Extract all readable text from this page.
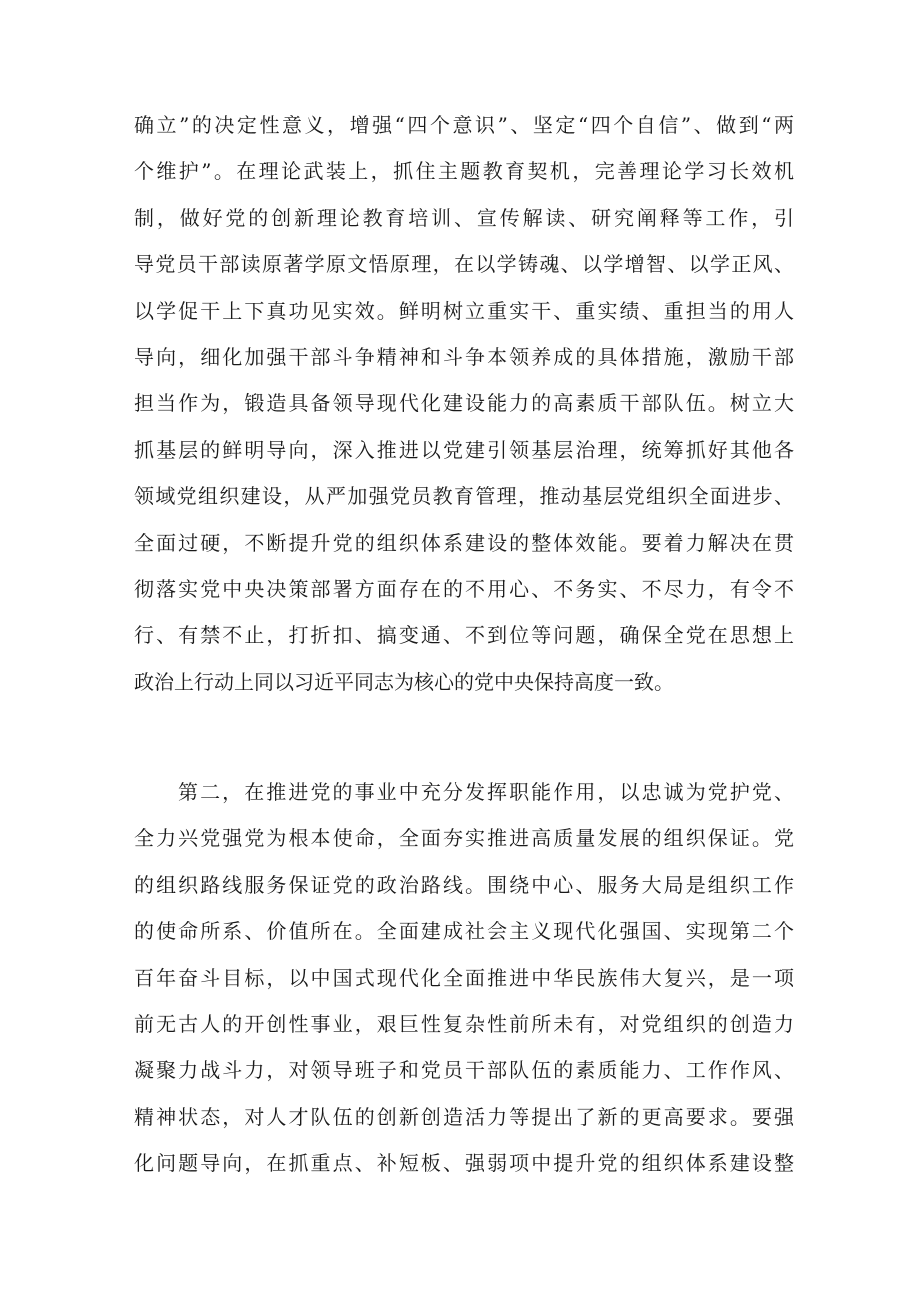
确立”的决定性意义，增强“四个意识”、坚定“四个自信”、做到“两
个维护”。在理论武装上，抓住主题教育契机，完善理论学习长效机
制，做好党的创新理论教育培训、宣传解读、研究阐释等工作，引
导党员干部读原著学原文悟原理，在以学铸魂、以学增智、以学正风、
以学促干上下真功见实效。鲜明树立重实干、重实绩、重担当的用人
导向，细化加强干部斗争精神和斗争本领养成的具体措施，激励干部
担当作为，锻造具备领导现代化建设能力的高素质干部队伍。树立大
抓基层的鲜明导向，深入推进以党建引领基层治理，统筹抓好其他各
领域党组织建设，从严加强党员教育管理，推动基层党组织全面进步、
全面过硬，不断提升党的组织体系建设的整体效能。要着力解决在贯
彻落实党中央决策部署方面存在的不用心、不务实、不尽力，有令不
行、有禁不止，打折扣、搞变通、不到位等问题，确保全党在思想上
政治上行动上同以习近平同志为核心的党中央保持高度一致。
第二，在推进党的事业中充分发挥职能作用，以忠诚为党护党、
全力兴党强党为根本使命，全面夯实推进高质量发展的组织保证。党
的组织路线服务保证党的政治路线。围绕中心、服务大局是组织工作
的使命所系、价值所在。全面建成社会主义现代化强国、实现第二个
百年奋斗目标，以中国式现代化全面推进中华民族伟大复兴，是一项
前无古人的开创性事业，艰巨性复杂性前所未有，对党组织的创造力
凝聚力战斗力，对领导班子和党员干部队伍的素质能力、工作作风、
精神状态，对人才队伍的创新创造活力等提出了新的更高要求。要强
化问题导向，在抓重点、补短板、强弱项中提升党的组织体系建设整
